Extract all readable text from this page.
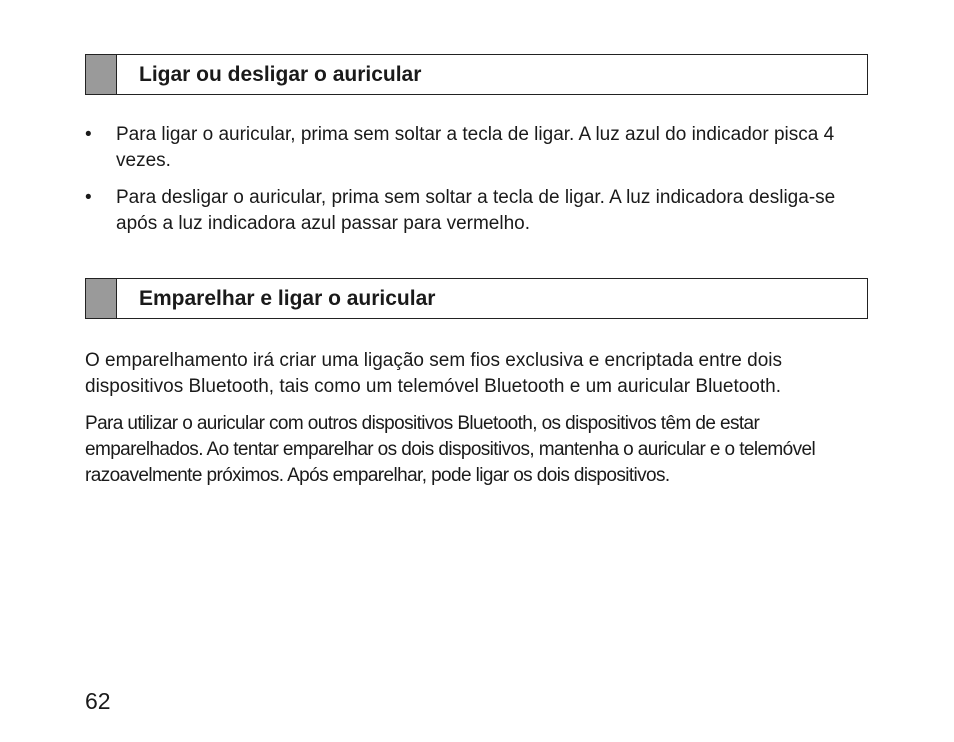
Ligar ou desligar o auricular
• Para ligar o auricular, prima sem soltar a tecla de ligar. A luz azul do indicador pisca 4 vezes.
• Para desligar o auricular, prima sem soltar a tecla de ligar. A luz indicadora desliga-se após a luz indicadora azul passar para vermelho.
Emparelhar e ligar o auricular

O emparelhamento irá criar uma ligação sem fios exclusiva e encriptada entre dois dispositivos Bluetooth, tais como um telemóvel Bluetooth e um auricular Bluetooth.

Para utilizar o auricular com outros dispositivos Bluetooth, os dispositivos têm de estar emparelhados. Ao tentar emparelhar os dois dispositivos, mantenha o auricular e o telemóvel razoavelmente próximos. Após emparelhar, pode ligar os dois dispositivos.

62
